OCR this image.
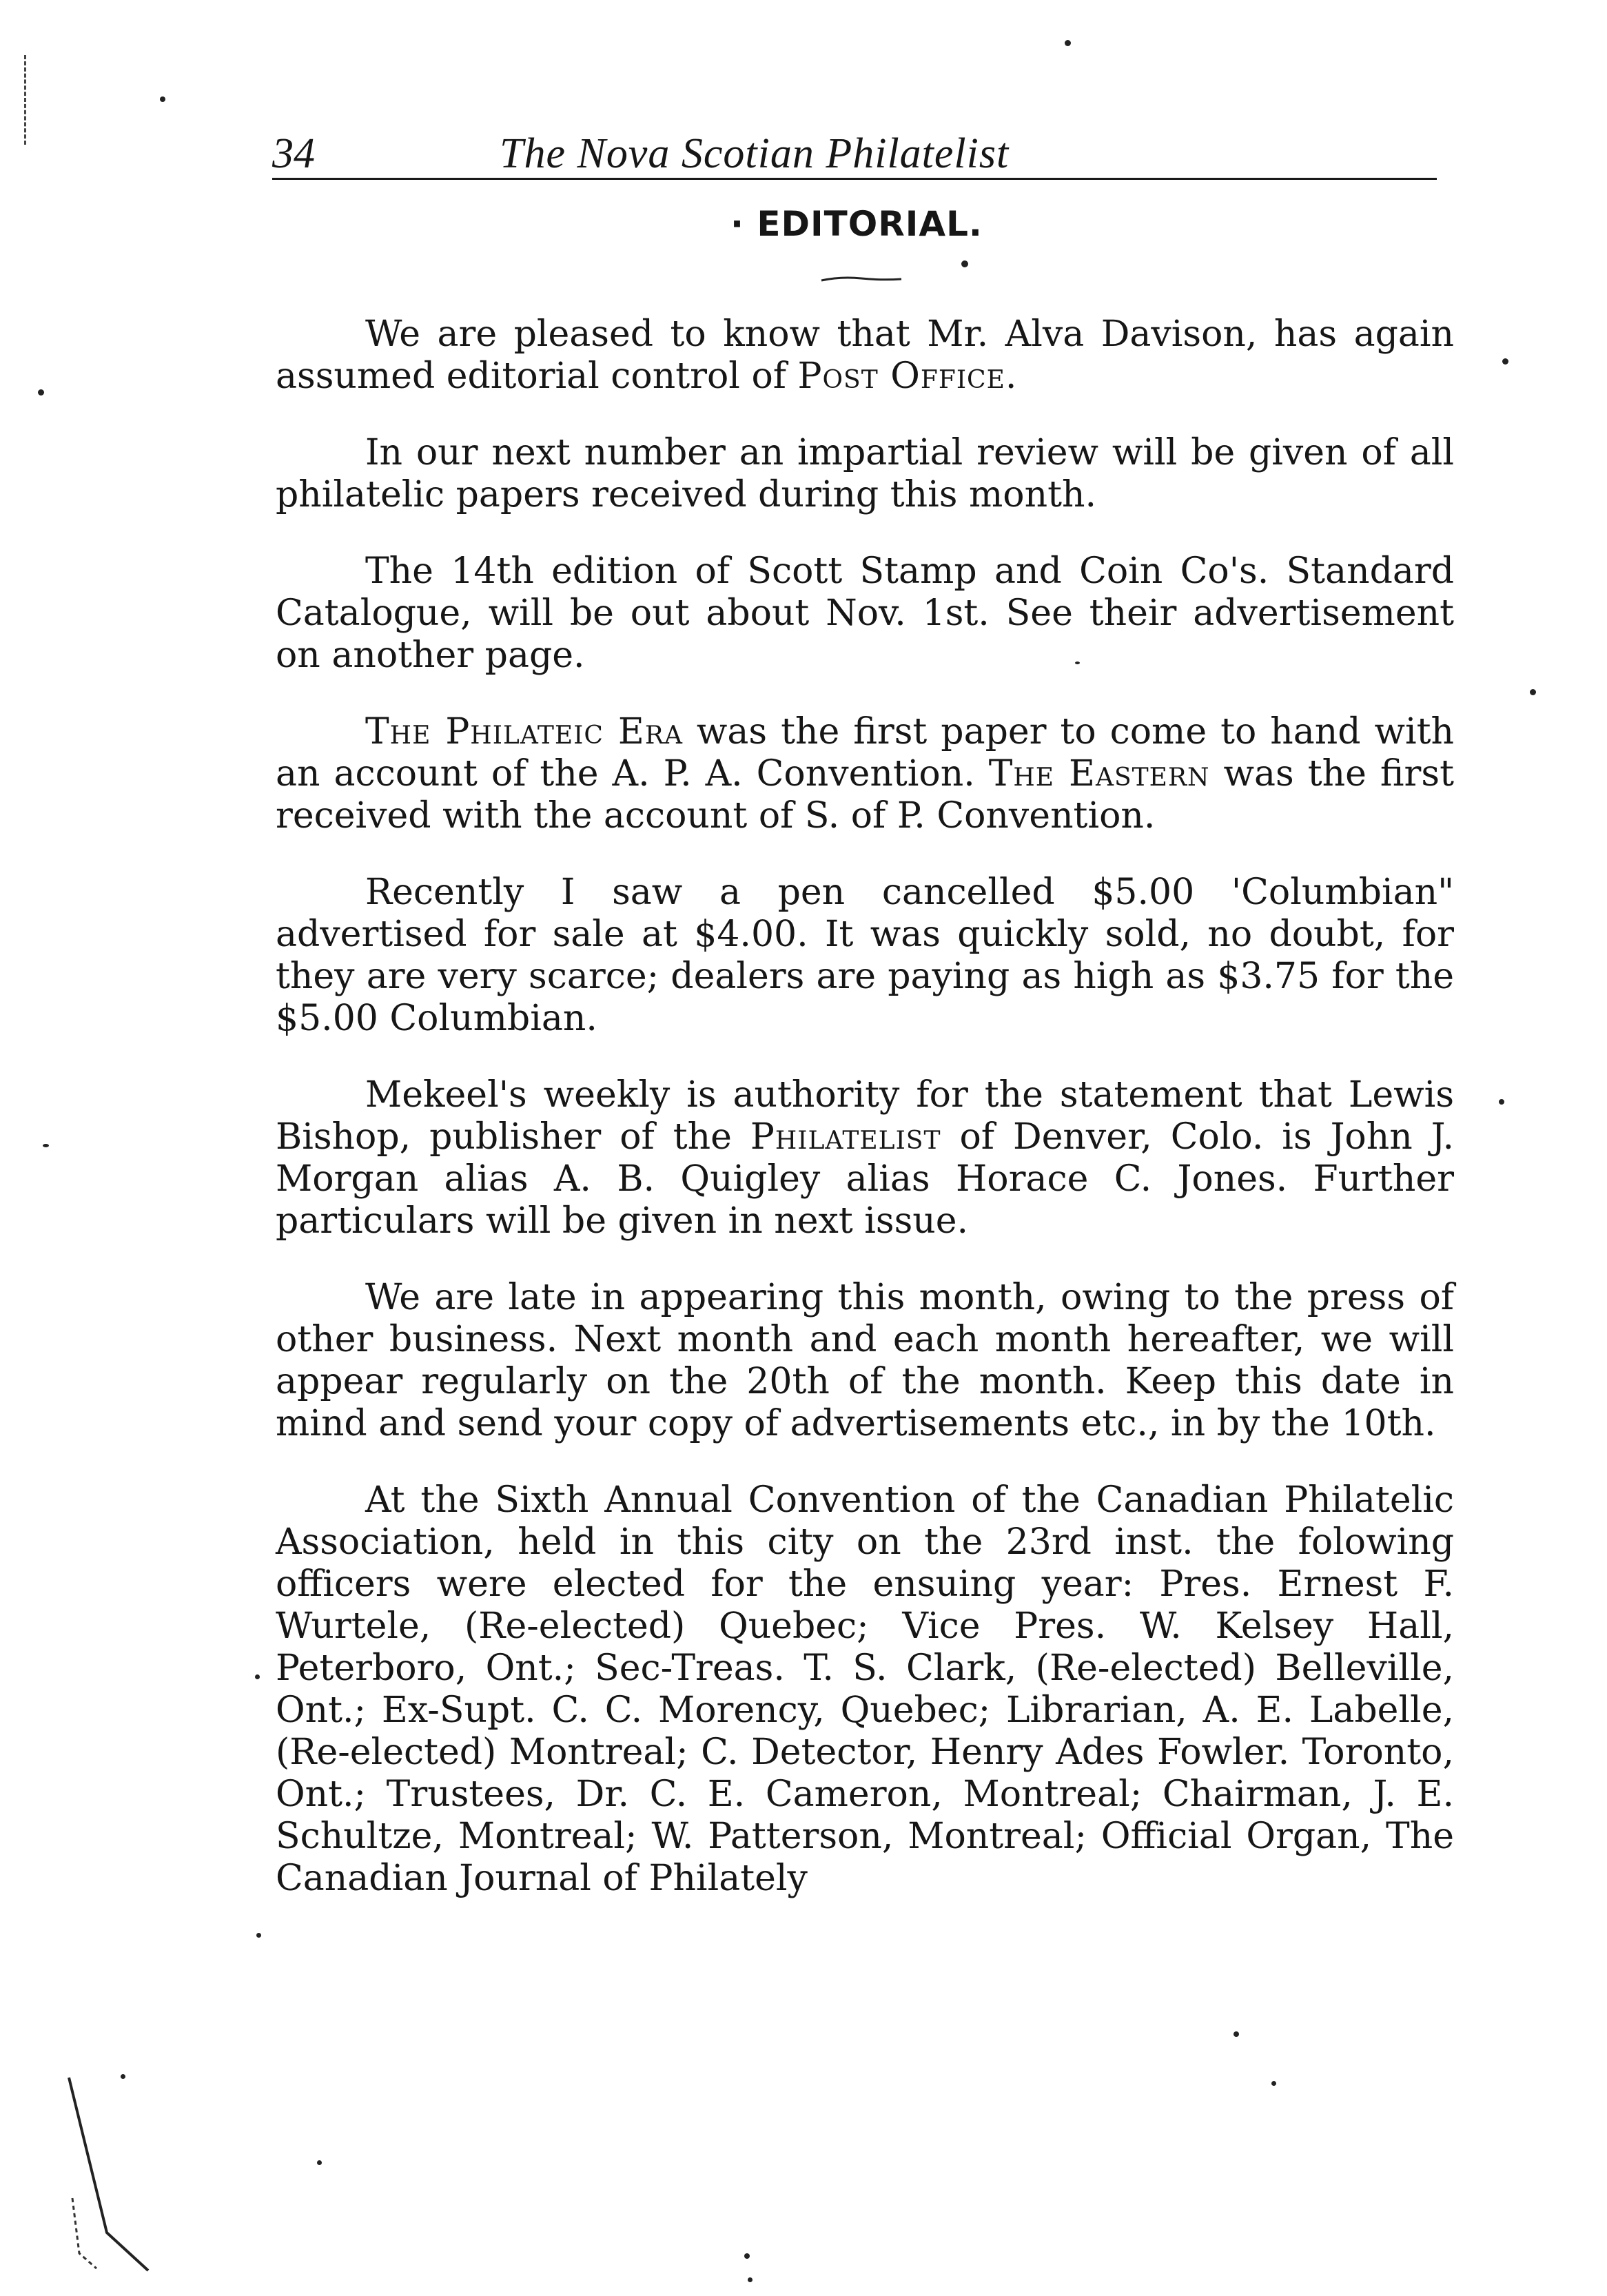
34	The Nova Scotian Philatelist
· EDITORIAL.

We are pleased to know that Mr. Alva Davison, has again assumed editorial control of Post Office.

In our next number an impartial review will be given of all philatelic papers received during this month.

The 14th edition of Scott Stamp and Coin Co's. Standard Catalogue, will be out about Nov. 1st. See their advertisement on another page.

The Philateic Era was the first paper to come to hand with an account of the A. P. A. Convention. The Eastern was the first received with the account of S. of P. Convention.

Recently I saw a pen cancelled $5.00 'Columbian" advertised for sale at $4.00. It was quickly sold, no doubt, for they are very scarce; dealers are paying as high as $3.75 for the $5.00 Columbian.

Mekeel's weekly is authority for the statement that Lewis Bishop, publisher of the Philatelist of Denver, Colo. is John J. Morgan alias A. B. Quigley alias Horace C. Jones. Further particulars will be given in next issue.

We are late in appearing this month, owing to the press of other business. Next month and each month hereafter, we will appear regularly on the 20th of the month. Keep this date in mind and send your copy of advertisements etc., in by the 10th.

At the Sixth Annual Convention of the Canadian Philatelic Association, held in this city on the 23rd inst. the folowing officers were elected for the ensuing year: Pres. Ernest F. Wurtele, (Re-elected) Quebec; Vice Pres. W. Kelsey Hall, Peterboro, Ont.; Sec-Treas. T. S. Clark, (Re-elected) Belleville, Ont.; Ex-Supt. C. C. Morency, Quebec; Librarian, A. E. Labelle, (Re-elected) Montreal; C. Detector, Henry Ades Fowler. Toronto, Ont.; Trustees, Dr. C. E. Cameron, Montreal; Chairman, J. E. Schultze, Montreal; W. Patterson, Montreal; Official Organ, The Canadian Journal of Philately
